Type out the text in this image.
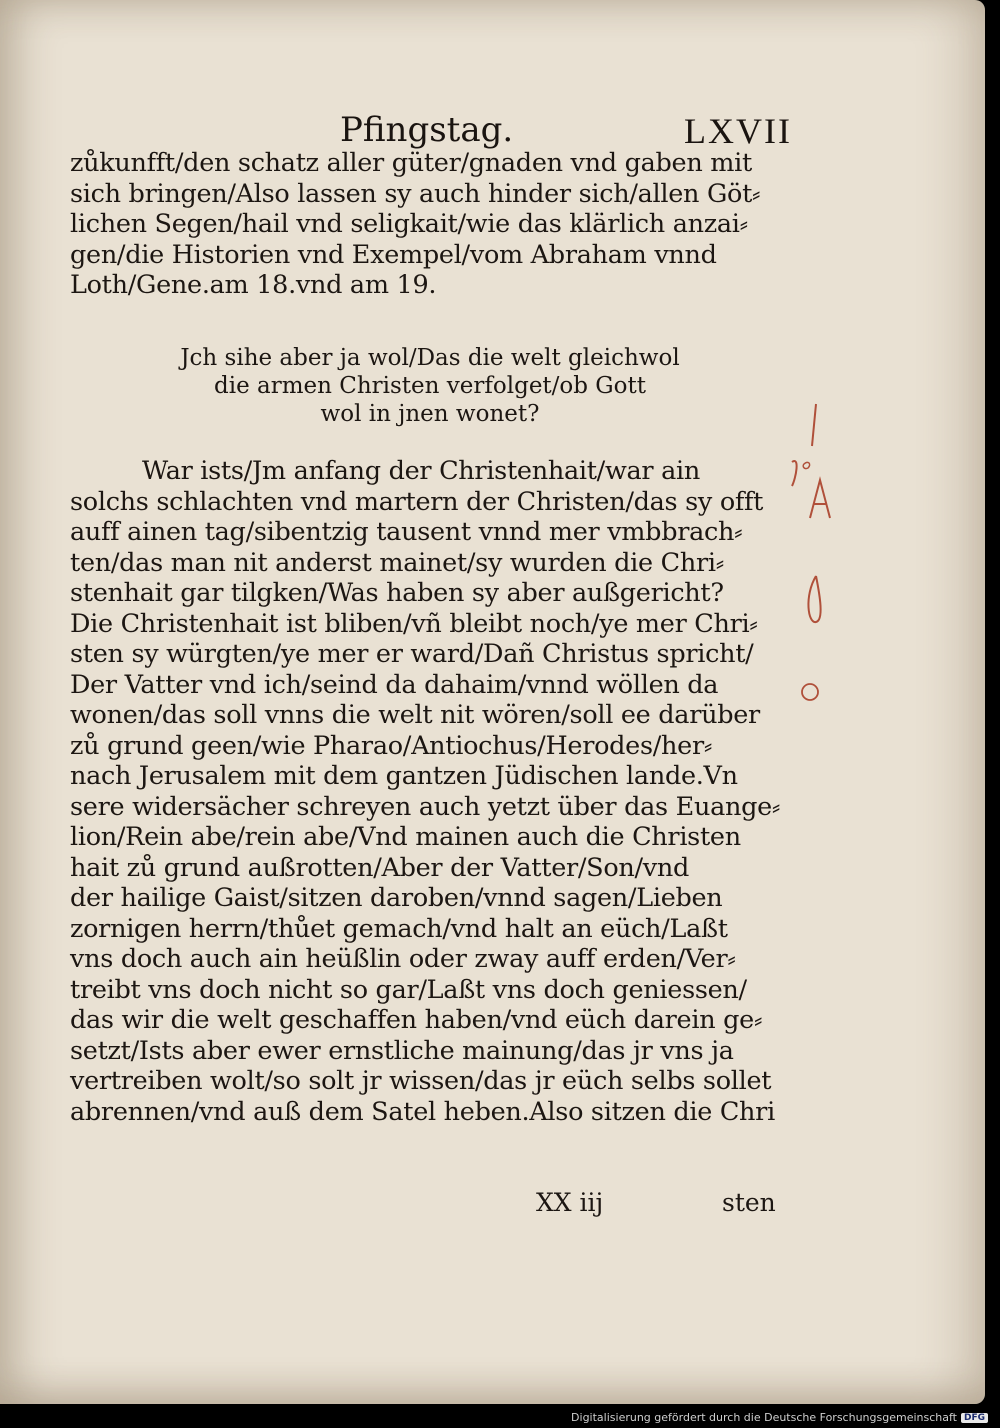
Pfingstag.	LXVII
zůkunfft/den schatz aller güter/gnaden vnd gaben mit
sich bringen/Also lassen sy auch hinder sich/allen Göt⸗
lichen Segen/hail vnd seligkait/wie das klärlich anzai⸗
gen/die Historien vnd Exempel/vom Abraham vnnd
Loth/Gene.am 18.vnd am 19.
Jch sihe aber ja wol/Das die welt gleichwol
die armen Christen verfolget/ob Gott
wol in jnen wonet?
War ists/Jm anfang der Christenhait/war ain
solchs schlachten vnd martern der Christen/das sy offt
auff ainen tag/sibentzig tausent vnnd mer vmbbrach⸗
ten/das man nit anderst mainet/sy wurden die Chri⸗
stenhait gar tilgken/Was haben sy aber außgericht?
Die Christenhait ist bliben/vñ bleibt noch/ye mer Chri⸗
sten sy würgten/ye mer er ward/Dañ Christus spricht/
Der Vatter vnd ich/seind da dahaim/vnnd wöllen da
wonen/das soll vnns die welt nit wören/soll ee darüber
zů grund geen/wie Pharao/Antiochus/Herodes/her⸗
nach Jerusalem mit dem gantzen Jüdischen lande.Vn
sere widersächer schreyen auch yetzt über das Euange⸗
lion/Rein abe/rein abe/Vnd mainen auch die Christen
hait zů grund außrotten/Aber der Vatter/Son/vnd
der hailige Gaist/sitzen daroben/vnnd sagen/Lieben
zornigen herrn/thůet gemach/vnd halt an eüch/Laßt
vns doch auch ain heüßlin oder zway auff erden/Ver⸗
treibt vns doch nicht so gar/Laßt vns doch geniessen/
das wir die welt geschaffen haben/vnd eüch darein ge⸗
setzt/Ists aber ewer ernstliche mainung/das jr vns ja
vertreiben wolt/so solt jr wissen/das jr eüch selbs sollet
abrennen/vnd auß dem Satel heben.Also sitzen die Chri
XX iij	sten
Digitalisierung gefördert durch die Deutsche Forschungsgemeinschaft DFG
